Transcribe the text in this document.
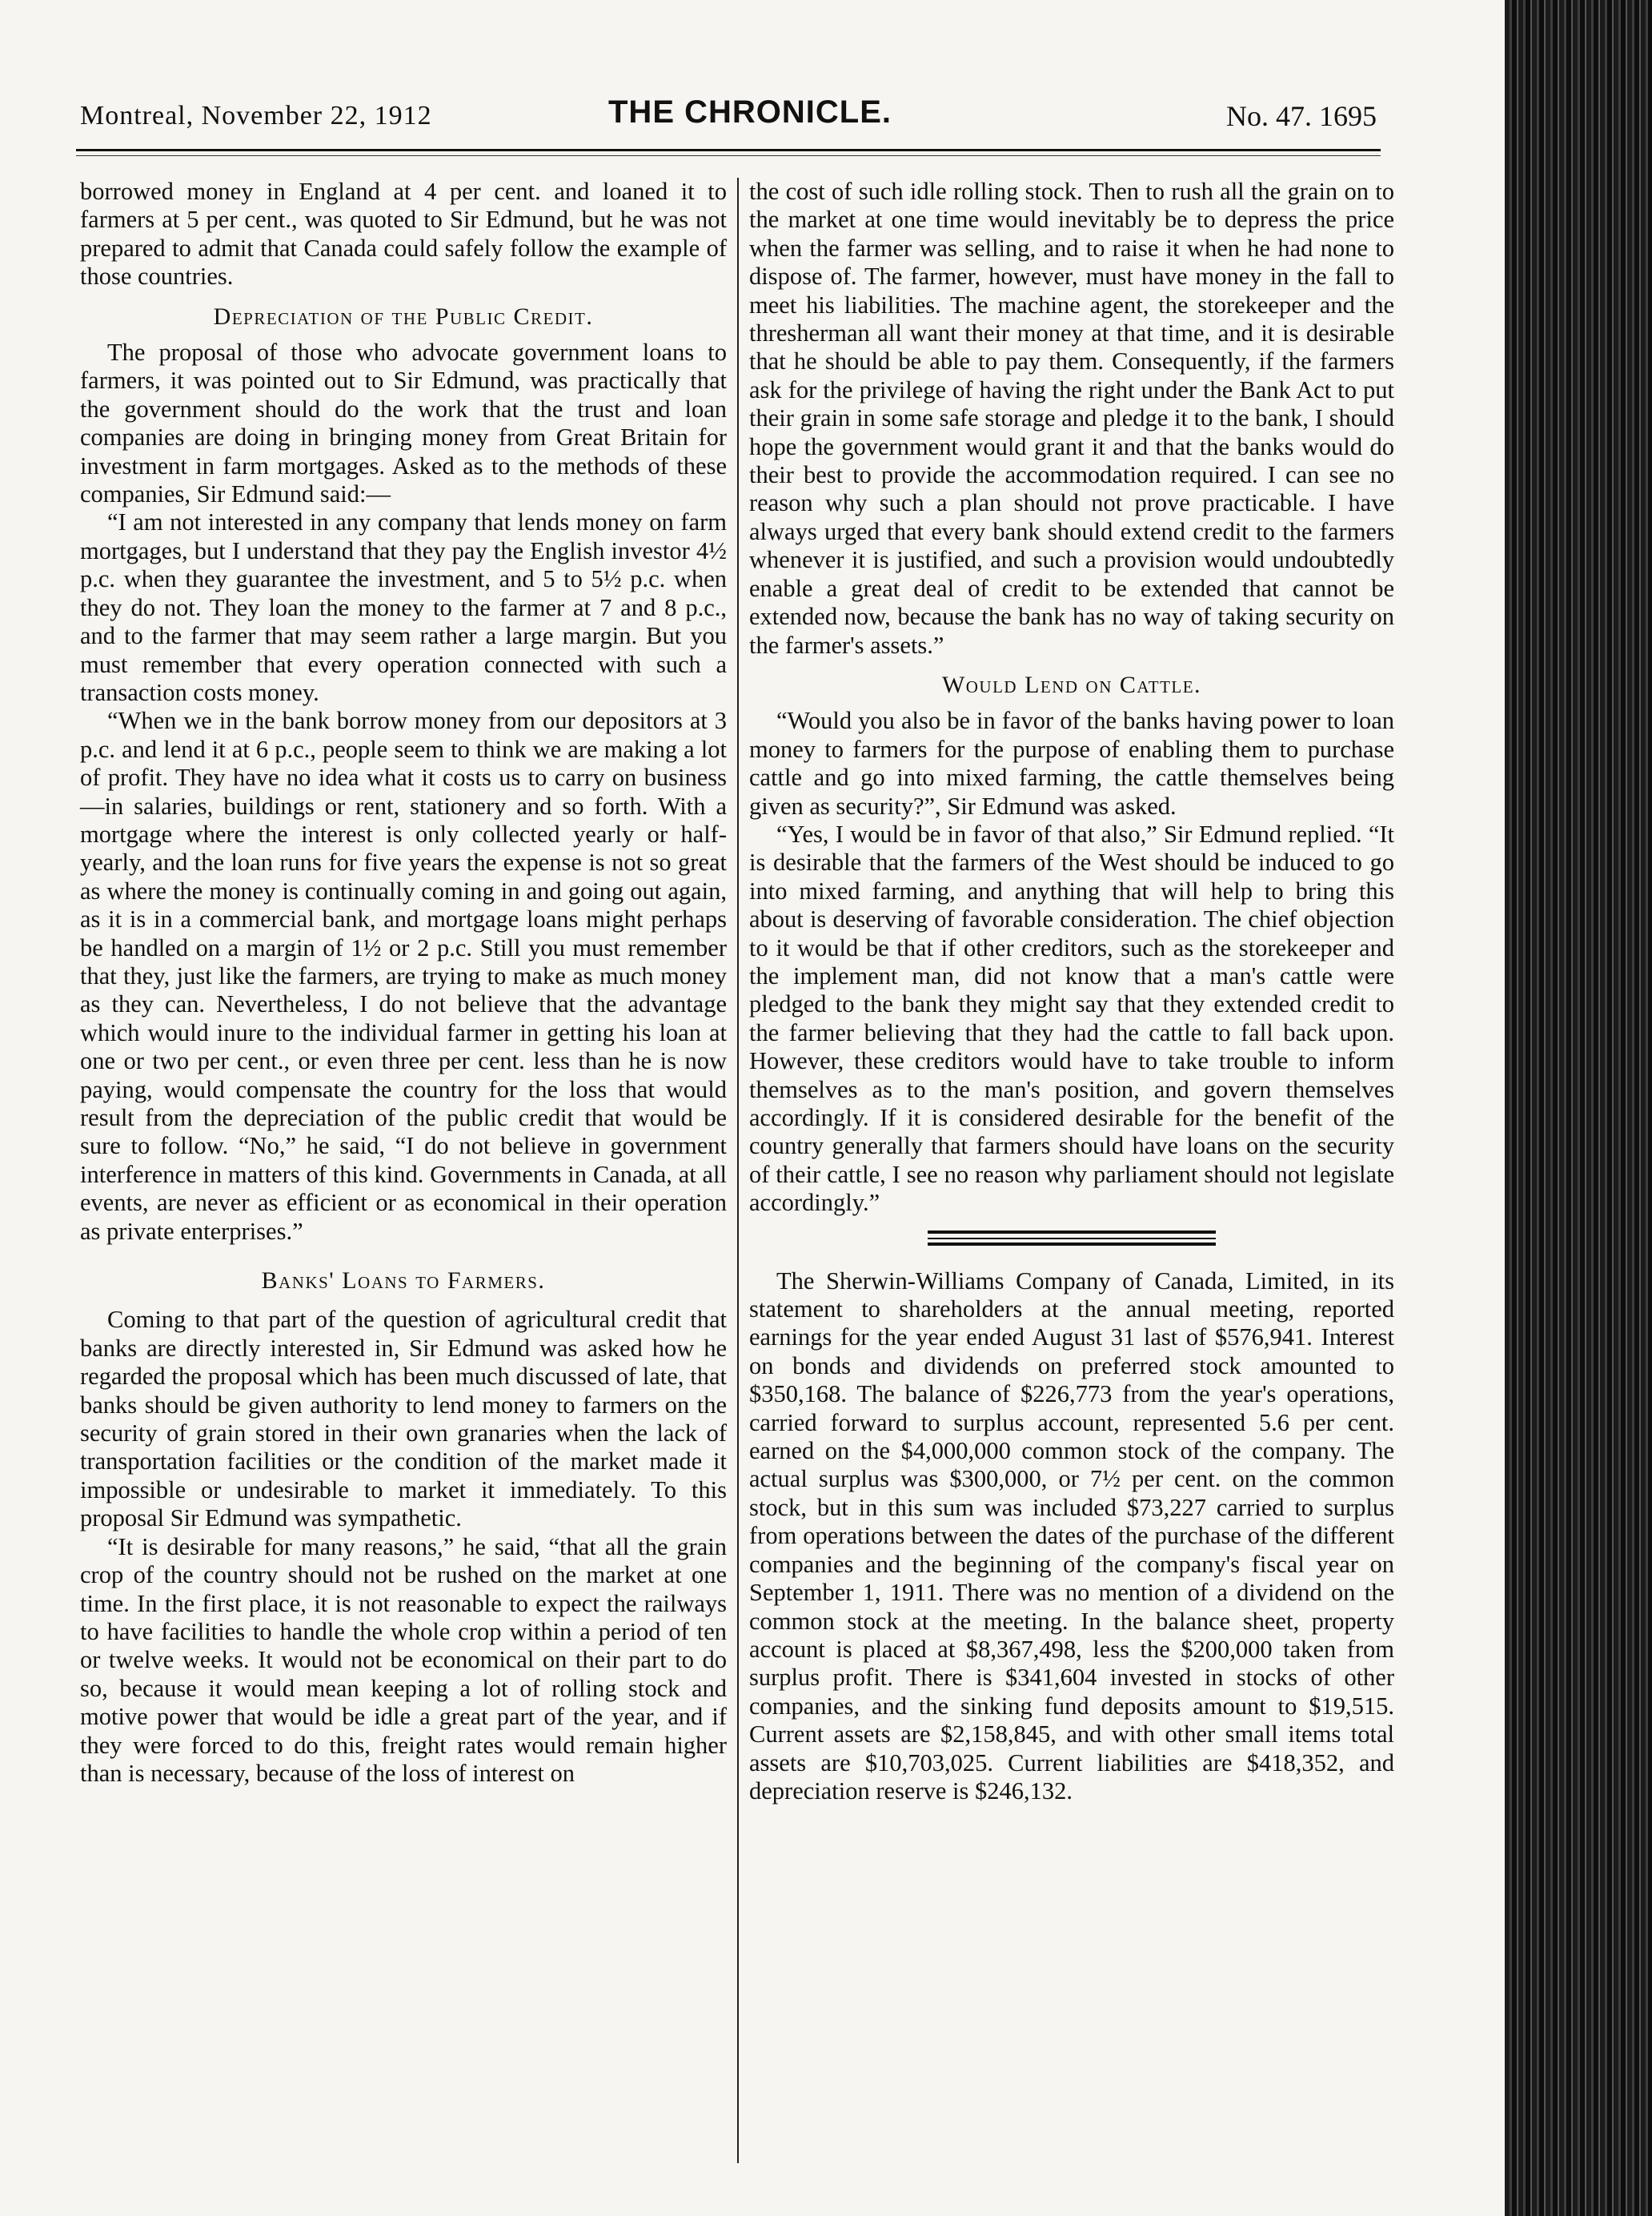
Montreal, November 22, 1912	THE CHRONICLE.	No. 47. 1695

borrowed money in England at 4 per cent. and loaned it to farmers at 5 per cent., was quoted to Sir Edmund, but he was not prepared to admit that Canada could safely follow the example of those countries.

Depreciation of the Public Credit.

The proposal of those who advocate government loans to farmers, it was pointed out to Sir Edmund, was practically that the government should do the work that the trust and loan companies are doing in bringing money from Great Britain for investment in farm mortgages. Asked as to the methods of these companies, Sir Edmund said:—

“I am not interested in any company that lends money on farm mortgages, but I understand that they pay the English investor 4½ p.c. when they guarantee the investment, and 5 to 5½ p.c. when they do not. They loan the money to the farmer at 7 and 8 p.c., and to the farmer that may seem rather a large margin. But you must remember that every operation connected with such a transaction costs money.

“When we in the bank borrow money from our depositors at 3 p.c. and lend it at 6 p.c., people seem to think we are making a lot of profit. They have no idea what it costs us to carry on business—in salaries, buildings or rent, stationery and so forth. With a mortgage where the interest is only collected yearly or half-yearly, and the loan runs for five years the expense is not so great as where the money is continually coming in and going out again, as it is in a commercial bank, and mortgage loans might perhaps be handled on a margin of 1½ or 2 p.c. Still you must remember that they, just like the farmers, are trying to make as much money as they can. Nevertheless, I do not believe that the advantage which would inure to the individual farmer in getting his loan at one or two per cent., or even three per cent. less than he is now paying, would compensate the country for the loss that would result from the depreciation of the public credit that would be sure to follow. “No,” he said, “I do not believe in government interference in matters of this kind. Governments in Canada, at all events, are never as efficient or as economical in their operation as private enterprises.”

Banks' Loans to Farmers.

Coming to that part of the question of agricultural credit that banks are directly interested in, Sir Edmund was asked how he regarded the proposal which has been much discussed of late, that banks should be given authority to lend money to farmers on the security of grain stored in their own granaries when the lack of transportation facilities or the condition of the market made it impossible or undesirable to market it immediately. To this proposal Sir Edmund was sympathetic.

“It is desirable for many reasons,” he said, “that all the grain crop of the country should not be rushed on the market at one time. In the first place, it is not reasonable to expect the railways to have facilities to handle the whole crop within a period of ten or twelve weeks. It would not be economical on their part to do so, because it would mean keeping a lot of rolling stock and motive power that would be idle a great part of the year, and if they were forced to do this, freight rates would remain higher than is necessary, because of the loss of interest on

the cost of such idle rolling stock. Then to rush all the grain on to the market at one time would inevitably be to depress the price when the farmer was selling, and to raise it when he had none to dispose of. The farmer, however, must have money in the fall to meet his liabilities. The machine agent, the storekeeper and the thresherman all want their money at that time, and it is desirable that he should be able to pay them. Consequently, if the farmers ask for the privilege of having the right under the Bank Act to put their grain in some safe storage and pledge it to the bank, I should hope the government would grant it and that the banks would do their best to provide the accommodation required. I can see no reason why such a plan should not prove practicable. I have always urged that every bank should extend credit to the farmers whenever it is justified, and such a provision would undoubtedly enable a great deal of credit to be extended that cannot be extended now, because the bank has no way of taking security on the farmer's assets.”

Would Lend on Cattle.

“Would you also be in favor of the banks having power to loan money to farmers for the purpose of enabling them to purchase cattle and go into mixed farming, the cattle themselves being given as security?”, Sir Edmund was asked.

“Yes, I would be in favor of that also,” Sir Edmund replied. “It is desirable that the farmers of the West should be induced to go into mixed farming, and anything that will help to bring this about is deserving of favorable consideration. The chief objection to it would be that if other creditors, such as the storekeeper and the implement man, did not know that a man's cattle were pledged to the bank they might say that they extended credit to the farmer believing that they had the cattle to fall back upon. However, these creditors would have to take trouble to inform themselves as to the man's position, and govern themselves accordingly. If it is considered desirable for the benefit of the country generally that farmers should have loans on the security of their cattle, I see no reason why parliament should not legislate accordingly.”

The Sherwin-Williams Company of Canada, Limited, in its statement to shareholders at the annual meeting, reported earnings for the year ended August 31 last of $576,941. Interest on bonds and dividends on preferred stock amounted to $350,168. The balance of $226,773 from the year's operations, carried forward to surplus account, represented 5.6 per cent. earned on the $4,000,000 common stock of the company. The actual surplus was $300,000, or 7½ per cent. on the common stock, but in this sum was included $73,227 carried to surplus from operations between the dates of the purchase of the different companies and the beginning of the company's fiscal year on September 1, 1911. There was no mention of a dividend on the common stock at the meeting. In the balance sheet, property account is placed at $8,367,498, less the $200,000 taken from surplus profit. There is $341,604 invested in stocks of other companies, and the sinking fund deposits amount to $19,515. Current assets are $2,158,845, and with other small items total assets are $10,703,025. Current liabilities are $418,352, and depreciation reserve is $246,132.
